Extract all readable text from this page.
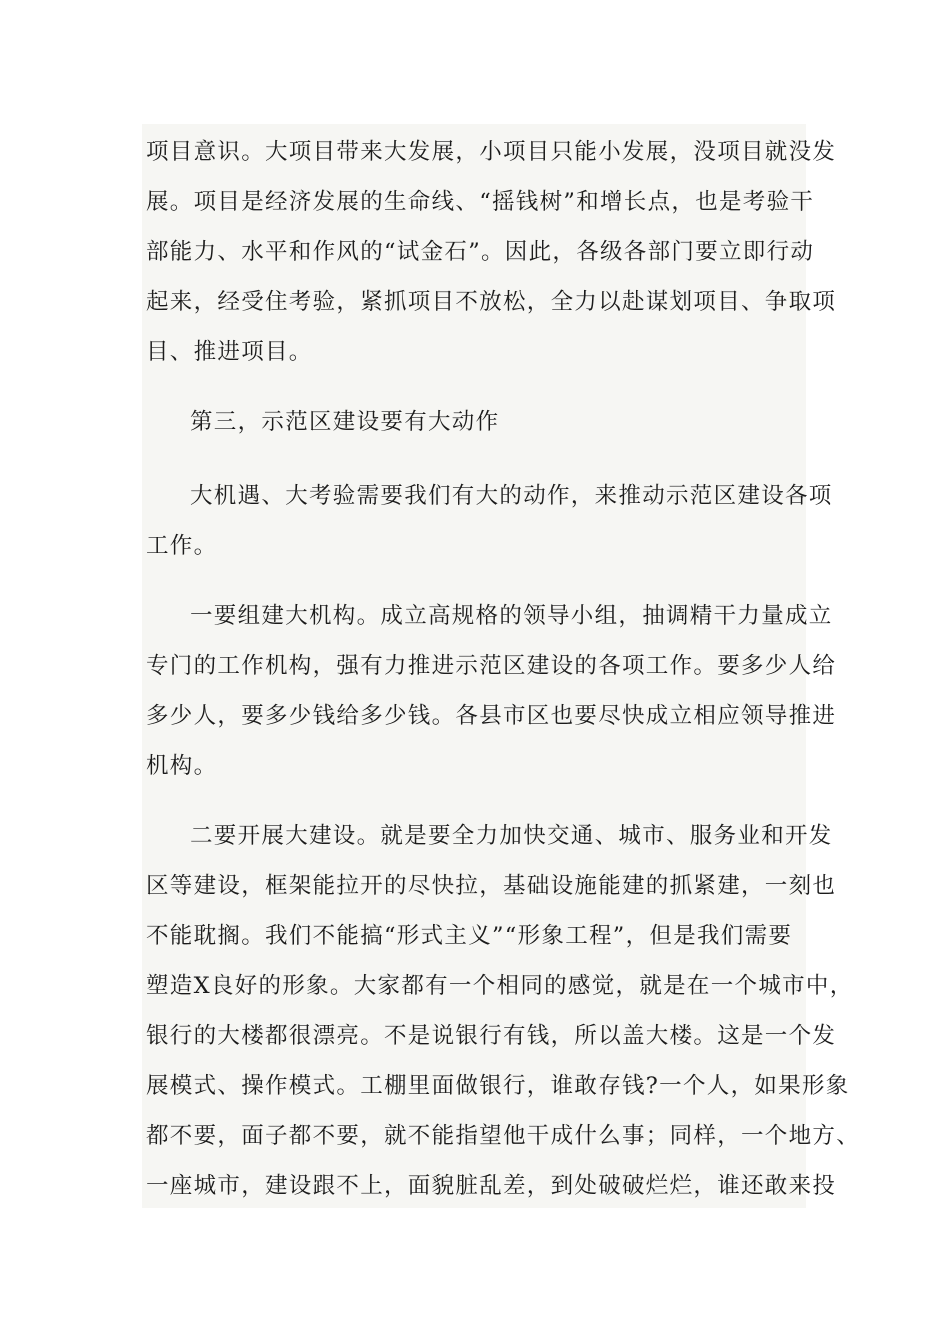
项目意识。大项目带来大发展，小项目只能小发展，没项目就没发
展。项目是经济发展的生命线、“摇钱树”和增长点，也是考验干
部能力、水平和作风的“试金石”。因此，各级各部门要立即行动
起来，经受住考验，紧抓项目不放松，全力以赴谋划项目、争取项
目、推进项目。
第三，示范区建设要有大动作
大机遇、大考验需要我们有大的动作，来推动示范区建设各项
工作。
一要组建大机构。成立高规格的领导小组，抽调精干力量成立
专门的工作机构，强有力推进示范区建设的各项工作。要多少人给
多少人，要多少钱给多少钱。各县市区也要尽快成立相应领导推进
机构。
二要开展大建设。就是要全力加快交通、城市、服务业和开发
区等建设，框架能拉开的尽快拉，基础设施能建的抓紧建，一刻也
不能耽搁。我们不能搞“形式主义”“形象工程”，但是我们需要
塑造X良好的形象。大家都有一个相同的感觉，就是在一个城市中，
银行的大楼都很漂亮。不是说银行有钱，所以盖大楼。这是一个发
展模式、操作模式。工棚里面做银行，谁敢存钱?一个人，如果形象
都不要，面子都不要，就不能指望他干成什么事；同样，一个地方、
一座城市，建设跟不上，面貌脏乱差，到处破破烂烂，谁还敢来投
